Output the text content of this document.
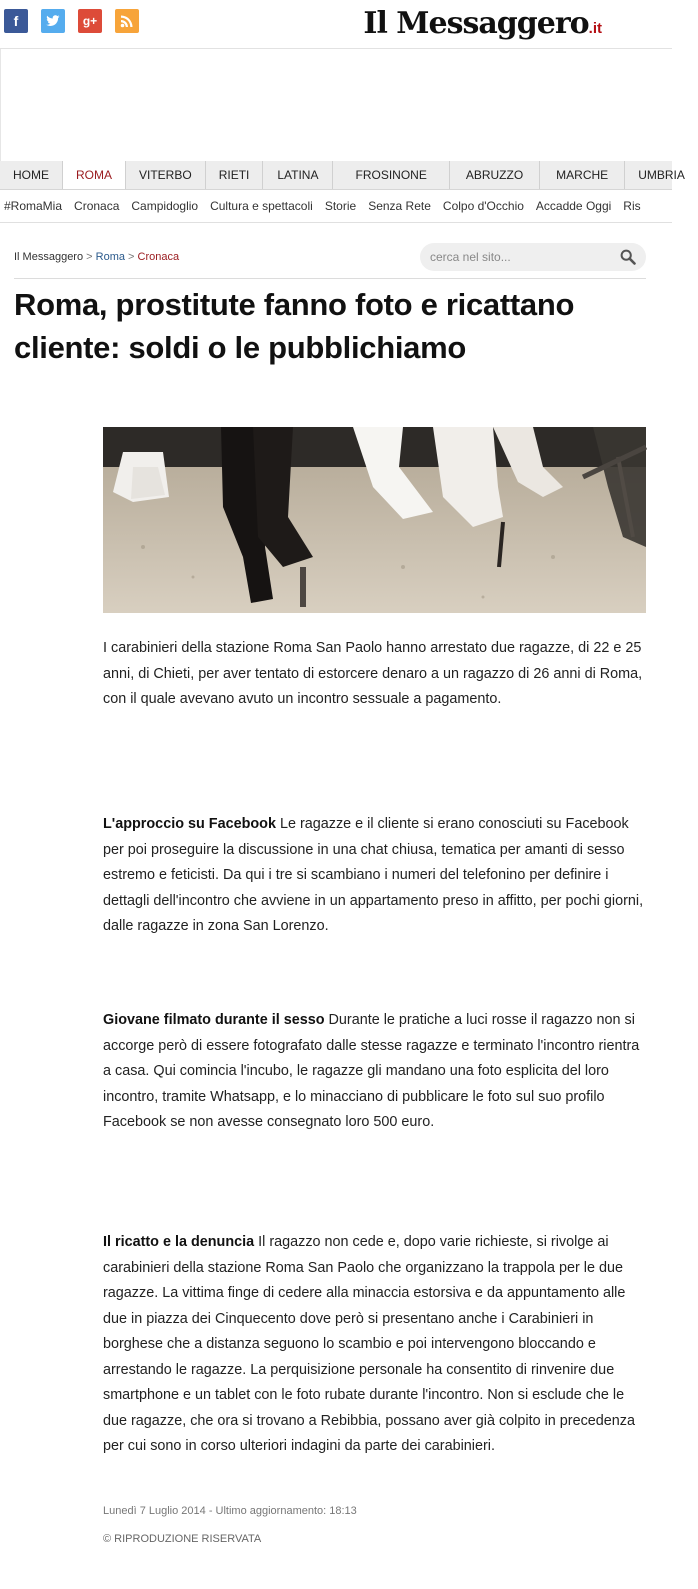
f	g+	Il Messaggero.it
HOME	ROMA	VITERBO	RIETI	LATINA	FROSINONE	ABRUZZO	MARCHE	UMBRIA
#RomaMia	Cronaca	Campidoglio	Cultura e spettacoli	Storie	Senza Rete	Colpo d'Occhio	Accadde Oggi	Ris
Il Messaggero > Roma > Cronaca
cerca nel sito...
Roma, prostitute fanno foto e ricattano cliente: soldi o le pubblichiamo

I carabinieri della stazione Roma San Paolo hanno arrestato due ragazze, di 22 e 25 anni, di Chieti, per aver tentato di estorcere denaro a un ragazzo di 26 anni di Roma, con il quale avevano avuto un incontro sessuale a pagamento.

L'approccio su Facebook Le ragazze e il cliente si erano conosciuti su Facebook per poi proseguire la discussione in una chat chiusa, tematica per amanti di sesso estremo e feticisti. Da qui i tre si scambiano i numeri del telefonino per definire i dettagli dell'incontro che avviene in un appartamento preso in affitto, per pochi giorni, dalle ragazze in zona San Lorenzo.

Giovane filmato durante il sesso Durante le pratiche a luci rosse il ragazzo non si accorge però di essere fotografato dalle stesse ragazze e terminato l'incontro rientra a casa. Qui comincia l'incubo, le ragazze gli mandano una foto esplicita del loro incontro, tramite Whatsapp, e lo minacciano di pubblicare le foto sul suo profilo Facebook se non avesse consegnato loro 500 euro.

Il ricatto e la denuncia Il ragazzo non cede e, dopo varie richieste, si rivolge ai carabinieri della stazione Roma San Paolo che organizzano la trappola per le due ragazze. La vittima finge di cedere alla minaccia estorsiva e da appuntamento alle due in piazza dei Cinquecento dove però si presentano anche i Carabinieri in borghese che a distanza seguono lo scambio e poi intervengono bloccando e arrestando le ragazze. La perquisizione personale ha consentito di rinvenire due smartphone e un tablet con le foto rubate durante l'incontro. Non si esclude che le due ragazze, che ora si trovano a Rebibbia, possano aver già colpito in precedenza per cui sono in corso ulteriori indagini da parte dei carabinieri.

Lunedì 7 Luglio 2014 - Ultimo aggiornamento: 18:13
© RIPRODUZIONE RISERVATA
